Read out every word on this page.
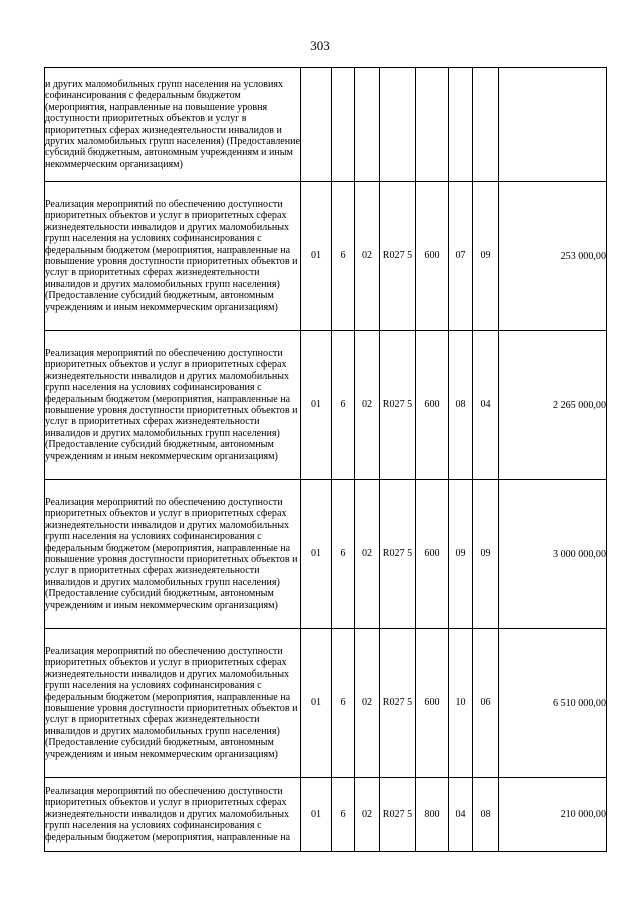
303
и других маломобильных групп населения на условиях софинансирования с федеральным бюджетом (мероприятия, направленные на повышение уровня доступности приоритетных объектов и услуг в приоритетных сферах жизнедеятельности инвалидов и других маломобильных групп населения) (Предоставление субсидий бюджетным, автономным учреждениям и иным некоммерческим организациям)								
Реализация мероприятий по обеспечению доступности приоритетных объектов и услуг в приоритетных сферах жизнедеятельности инвалидов и других маломобильных групп населения на условиях софинансирования с федеральным бюджетом (мероприятия, направленные на повышение уровня доступности приоритетных объектов и услуг в приоритетных сферах жизнедеятельности инвалидов и других маломобильных групп населения) (Предоставление субсидий бюджетным, автономным учреждениям и иным некоммерческим организациям)	01	6	02	R027 5	600	07	09	253 000,00
Реализация мероприятий по обеспечению доступности приоритетных объектов и услуг в приоритетных сферах жизнедеятельности инвалидов и других маломобильных групп населения на условиях софинансирования с федеральным бюджетом (мероприятия, направленные на повышение уровня доступности приоритетных объектов и услуг в приоритетных сферах жизнедеятельности инвалидов и других маломобильных групп населения) (Предоставление субсидий бюджетным, автономным учреждениям и иным некоммерческим организациям)	01	6	02	R027 5	600	08	04	2 265 000,00
Реализация мероприятий по обеспечению доступности приоритетных объектов и услуг в приоритетных сферах жизнедеятельности инвалидов и других маломобильных групп населения на условиях софинансирования с федеральным бюджетом (мероприятия, направленные на повышение уровня доступности приоритетных объектов и услуг в приоритетных сферах жизнедеятельности инвалидов и других маломобильных групп населения) (Предоставление субсидий бюджетным, автономным учреждениям и иным некоммерческим организациям)	01	6	02	R027 5	600	09	09	3 000 000,00
Реализация мероприятий по обеспечению доступности приоритетных объектов и услуг в приоритетных сферах жизнедеятельности инвалидов и других маломобильных групп населения на условиях софинансирования с федеральным бюджетом (мероприятия, направленные на повышение уровня доступности приоритетных объектов и услуг в приоритетных сферах жизнедеятельности инвалидов и других маломобильных групп населения) (Предоставление субсидий бюджетным, автономным учреждениям и иным некоммерческим организациям)	01	6	02	R027 5	600	10	06	6 510 000,00
Реализация мероприятий по обеспечению доступности приоритетных объектов и услуг в приоритетных сферах жизнедеятельности инвалидов и других маломобильных групп населения на условиях софинансирования с федеральным бюджетом (мероприятия, направленные на	01	6	02	R027 5	800	04	08	210 000,00
